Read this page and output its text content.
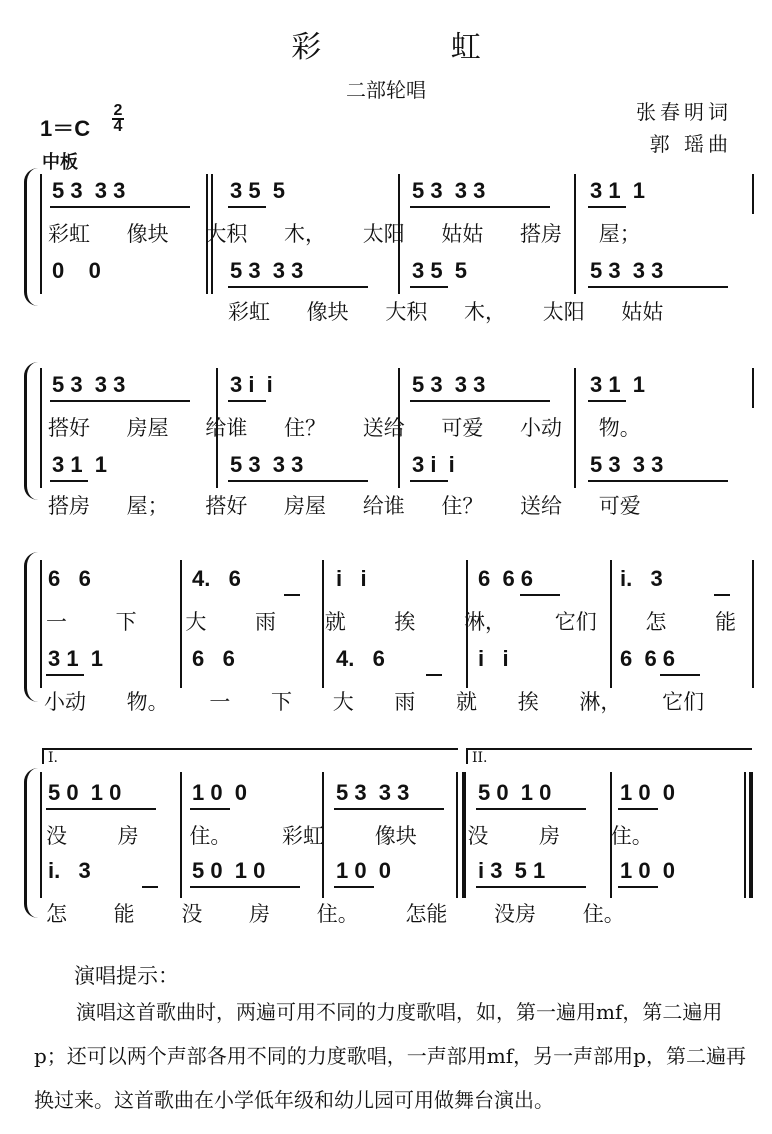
彩 虹
二部轮唱
张春明词
郭 瑶曲
1＝C
2
4
中板
5 3  3 3	3 5  5	5 3  3 3	3 1  1
彩虹 像块 大积 木， 太阳 姑姑 搭房 屋；
0    0	5 3  3 3	3 5  5	5 3  3 3
彩虹 像块 大积 木， 太阳 姑姑
5 3  3 3	3 i  i	5 3  3 3	3 1  1
搭好 房屋 给谁 住？ 送给 可爱 小动 物。
3 1  1	5 3  3 3	3 i  i	5 3  3 3
搭房 屋； 搭好 房屋 给谁 住？ 送给 可爱
6   6	4.   6	i   i	6  6 6	i.   3
一 下 大 雨 就 挨 淋， 它们 怎 能
3 1  1	6   6	4.   6	i   i	6  6 6
小动 物。 一 下 大 雨 就 挨 淋， 它们
I.	II.
5 0  1 0	1 0  0	5 3  3 3	5 0  1 0	1 0  0
没 房 住。 彩虹 像块 没 房 住。
i.   3	5 0  1 0	1 0  0	i 3  5 1	1 0  0
怎 能 没 房 住。 怎能 没房 住。
演唱提示：
演唱这首歌曲时，两遍可用不同的力度歌唱，如，第一遍用mf，第二遍用p；还可以两个声部各用不同的力度歌唱，一声部用mf，另一声部用p，第二遍再换过来。这首歌曲在小学低年级和幼儿园可用做舞台演出。
